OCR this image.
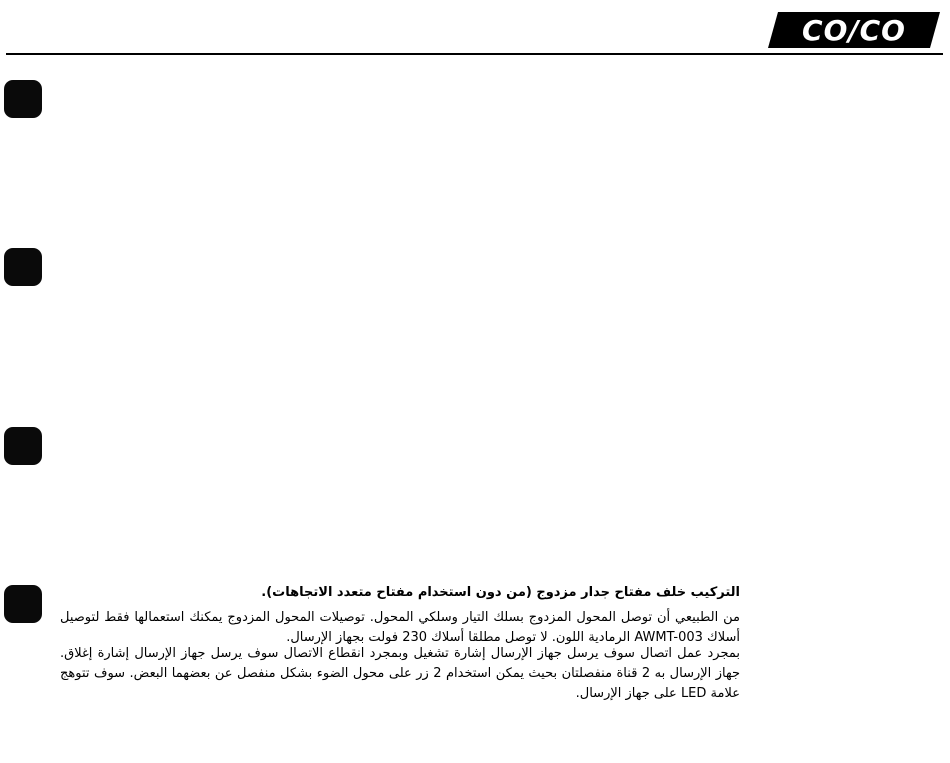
CO/CO

التركيب خلف مفتاح جدار مزدوج (من دون استخدام مفتاح متعدد الاتجاهات).

من الطبيعي أن توصل المحول المزدوج بسلك التيار وسلكي المحول. توصيلات المحول المزدوج يمكنك استعمالها فقط لتوصيل أسلاك AWMT-003 الرمادية اللون. لا توصل مطلقا أسلاك 230 فولت بجهاز الإرسال.

بمجرد عمل اتصال سوف يرسل جهاز الإرسال إشارة تشغيل وبمجرد انقطاع الاتصال سوف يرسل جهاز الإرسال إشارة إغلاق. جهاز الإرسال به 2 قناة منفصلتان بحيث يمكن استخدام 2 زر على محول الضوء بشكل منفصل عن بعضهما البعض. سوف تتوهج علامة LED على جهاز الإرسال.
